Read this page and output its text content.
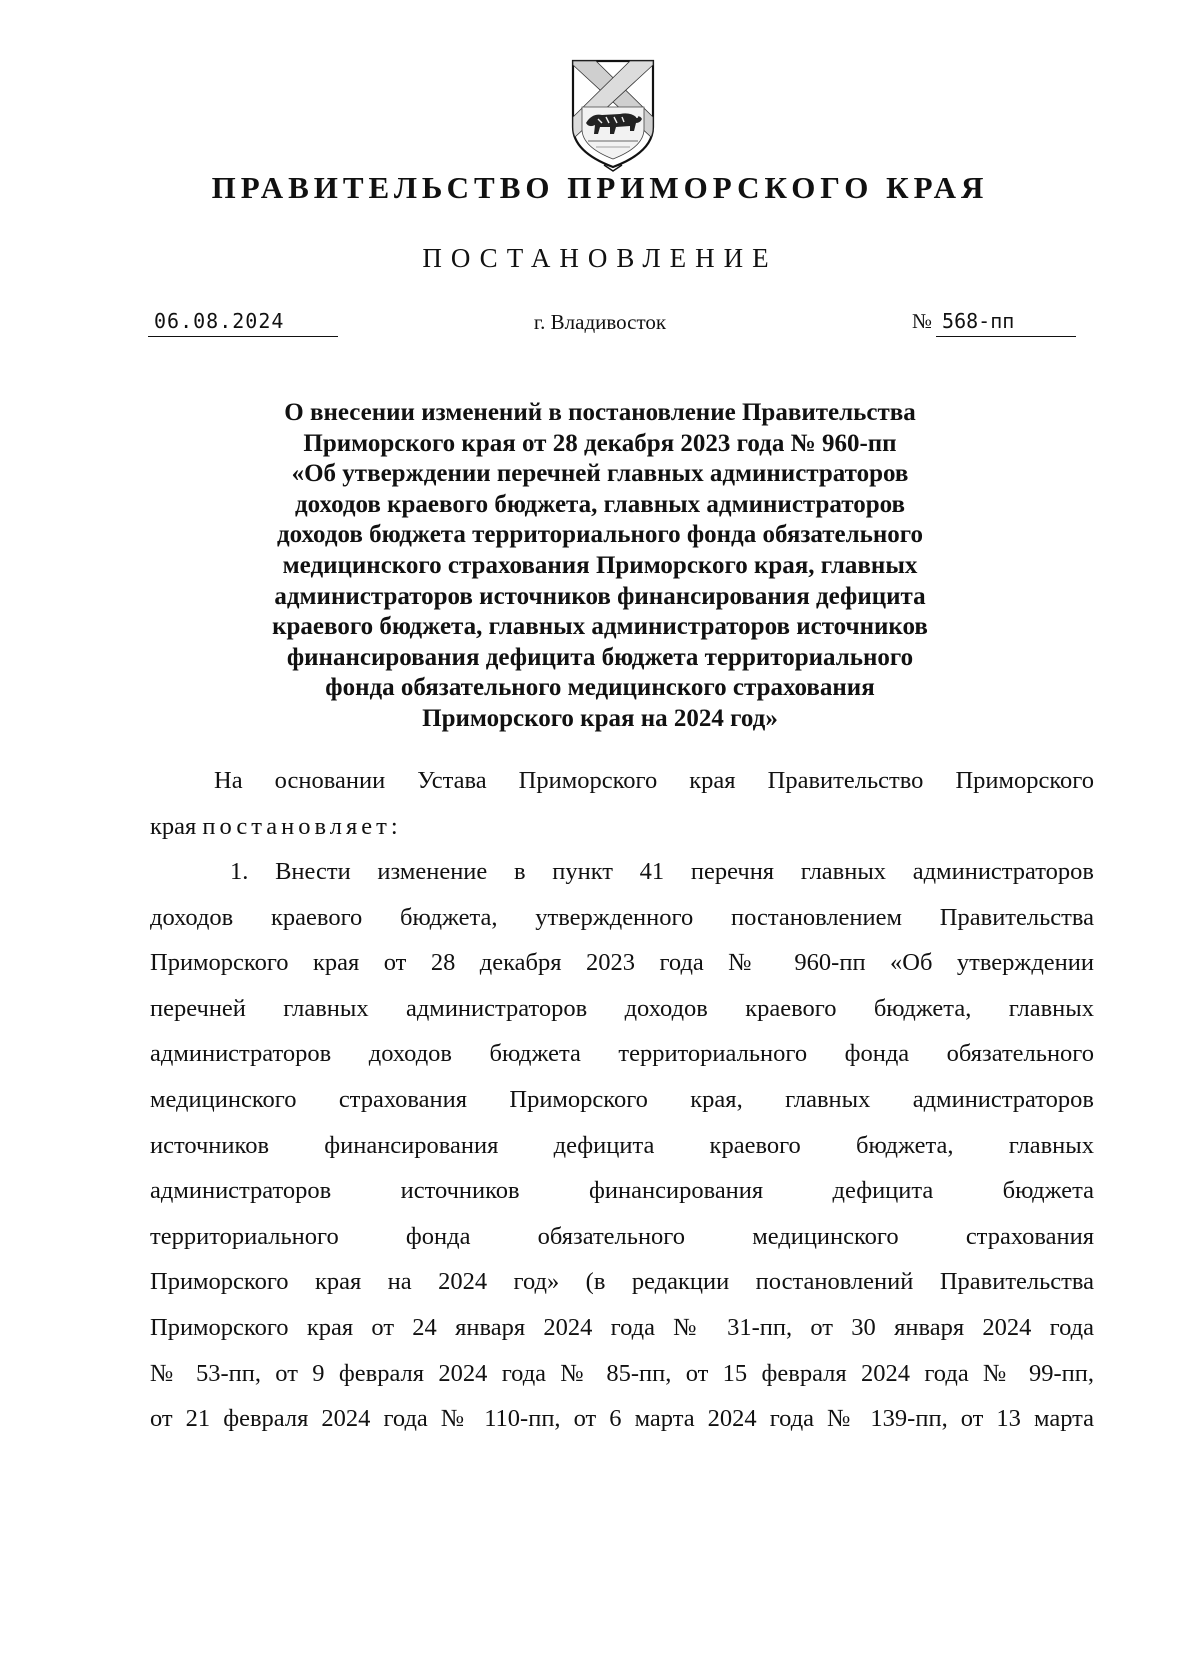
ПРАВИТЕЛЬСТВО ПРИМОРСКОГО КРАЯ
ПОСТАНОВЛЕНИЕ
06.08.2024	г. Владивосток	№ 568-пп
О внесении изменений в постановление Правительства
Приморского края от 28 декабря 2023 года № 960-пп
«Об утверждении перечней главных администраторов
доходов краевого бюджета, главных администраторов
доходов бюджета территориального фонда обязательного
медицинского страхования Приморского края, главных
администраторов источников финансирования дефицита
краевого бюджета, главных администраторов источников
финансирования дефицита бюджета территориального
фонда обязательного медицинского страхования
Приморского края на 2024 год»
На основании Устава Приморского края Правительство Приморского
края постановляет:
1. Внести изменение в пункт 41 перечня главных администраторов
доходов краевого бюджета, утвержденного постановлением Правительства
Приморского края от 28 декабря 2023 года № 960-пп «Об утверждении
перечней главных администраторов доходов краевого бюджета, главных
администраторов доходов бюджета территориального фонда обязательного
медицинского страхования Приморского края, главных администраторов
источников финансирования дефицита краевого бюджета, главных
администраторов источников финансирования дефицита бюджета
территориального фонда обязательного медицинского страхования
Приморского края на 2024 год» (в редакции постановлений Правительства
Приморского края от 24 января 2024 года № 31-пп, от 30 января 2024 года
№ 53-пп, от 9 февраля 2024 года № 85-пп, от 15 февраля 2024 года № 99-пп,
от 21 февраля 2024 года № 110-пп, от 6 марта 2024 года № 139-пп, от 13 марта
